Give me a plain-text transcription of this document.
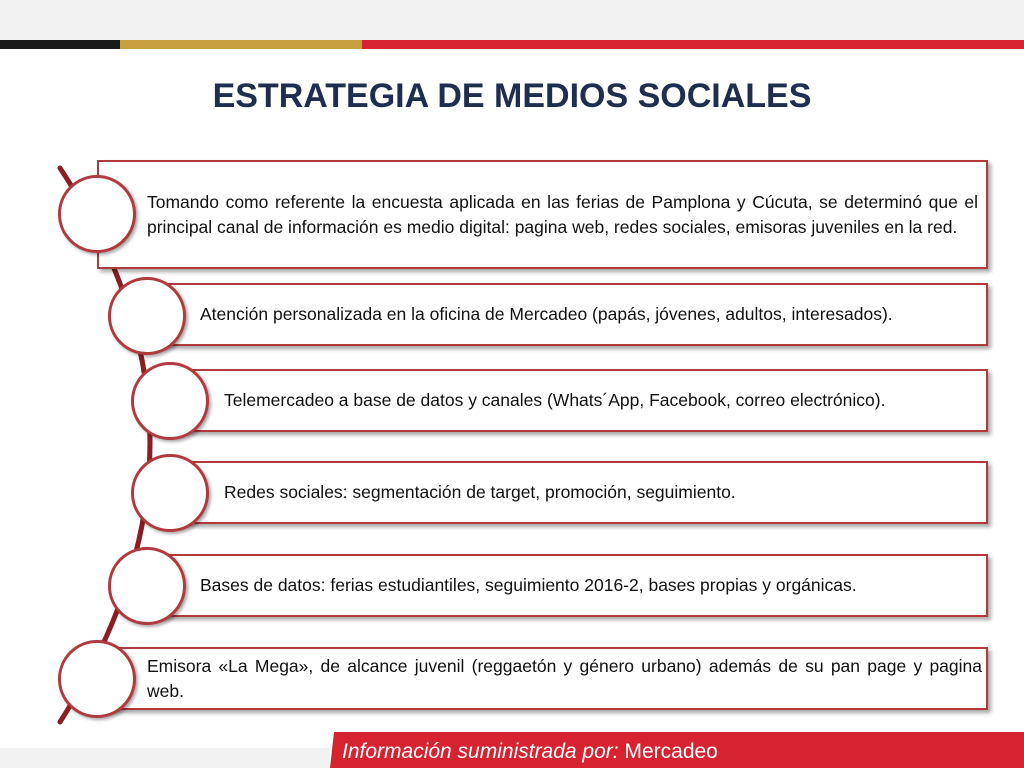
ESTRATEGIA DE MEDIOS SOCIALES
Tomando como referente la encuesta aplicada en las ferias de Pamplona y Cúcuta, se determinó que el principal canal de información es medio digital: pagina web, redes sociales, emisoras juveniles en la red.
Atención personalizada en la oficina de Mercadeo (papás, jóvenes, adultos, interesados).
Telemercadeo a base de datos y canales (Whats´App, Facebook, correo electrónico).
Redes sociales: segmentación de target, promoción, seguimiento.
Bases de datos: ferias estudiantiles, seguimiento 2016-2, bases propias y orgánicas.
Emisora «La Mega», de alcance juvenil (reggaetón y género urbano) además de su pan page y pagina web.
Información suministrada por: Mercadeo
